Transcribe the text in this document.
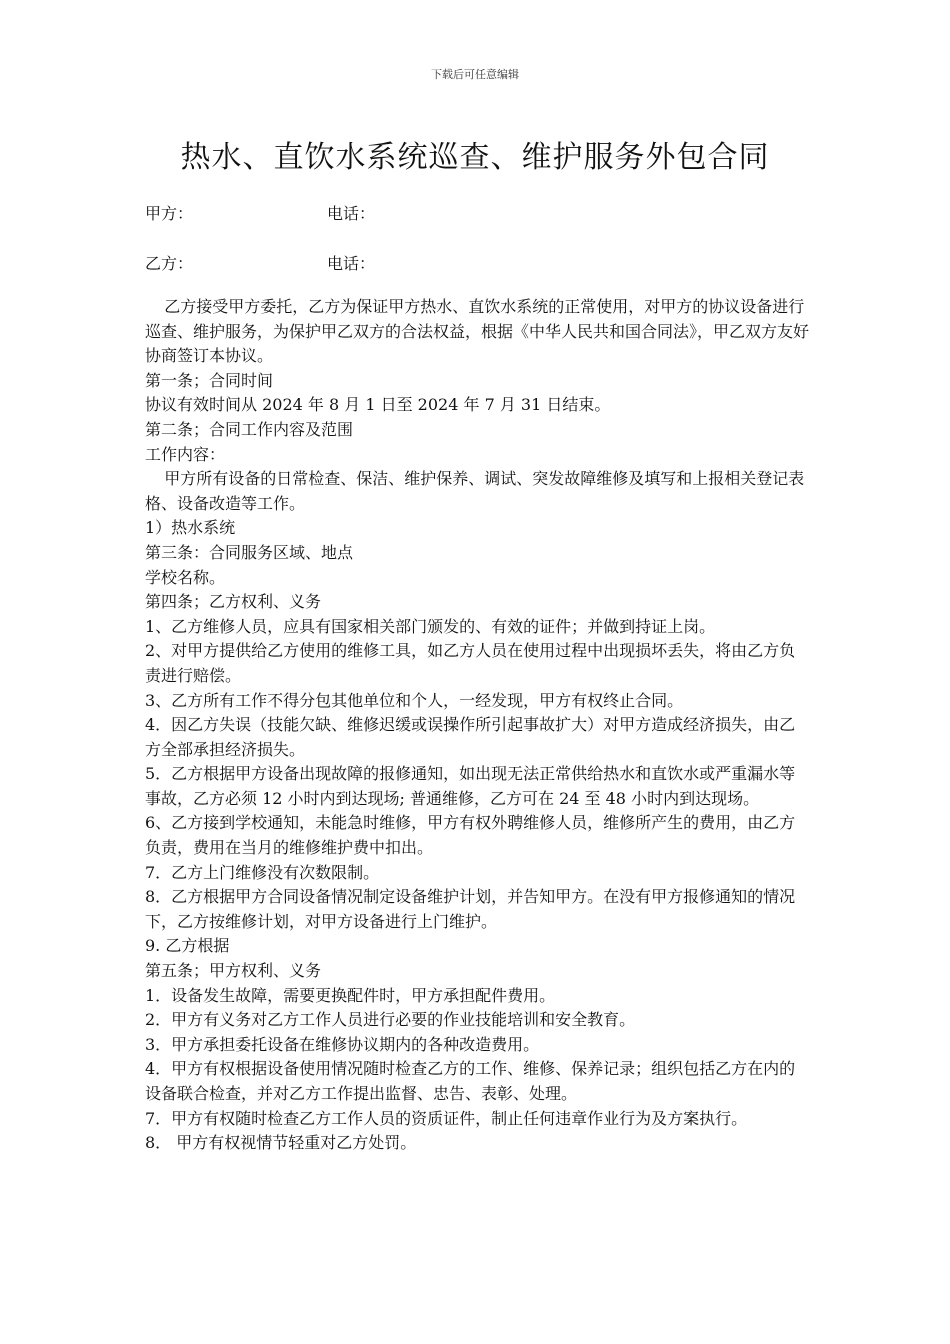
下载后可任意编辑
热水、直饮水系统巡查、维护服务外包合同
甲方：	电话：
乙方：	电话：

乙方接受甲方委托，乙方为保证甲方热水、直饮水系统的正常使用，对甲方的协议设备进行巡查、维护服务，为保护甲乙双方的合法权益，根据《中华人民共和国合同法》，甲乙双方友好协商签订本协议。

第一条；合同时间

协议有效时间从 2024 年 8 月 1 日至 2024 年 7 月 31 日结束。

第二条；合同工作内容及范围

工作内容：

甲方所有设备的日常检查、保洁、维护保养、调试、突发故障维修及填写和上报相关登记表格、设备改造等工作。

1）热水系统

第三条：合同服务区域、地点

学校名称。

第四条；乙方权利、义务

1、乙方维修人员，应具有国家相关部门颁发的、有效的证件；并做到持证上岗。

2、对甲方提供给乙方使用的维修工具，如乙方人员在使用过程中出现损坏丢失，将由乙方负责进行赔偿。

3、乙方所有工作不得分包其他单位和个人，一经发现，甲方有权终止合同。

4．因乙方失误（技能欠缺、维修迟缓或误操作所引起事故扩大）对甲方造成经济损失，由乙方全部承担经济损失。

5．乙方根据甲方设备出现故障的报修通知，如出现无法正常供给热水和直饮水或严重漏水等事故，乙方必须 12 小时内到达现场; 普通维修，乙方可在 24 至 48 小时内到达现场。

6、乙方接到学校通知，未能急时维修，甲方有权外聘维修人员，维修所产生的费用，由乙方负责，费用在当月的维修维护费中扣出。

7．乙方上门维修没有次数限制。

8．乙方根据甲方合同设备情况制定设备维护计划，并告知甲方。在没有甲方报修通知的情况下，乙方按维修计划，对甲方设备进行上门维护。

9. 乙方根据

第五条；甲方权利、义务

1．设备发生故障，需要更换配件时，甲方承担配件费用。

2．甲方有义务对乙方工作人员进行必要的作业技能培训和安全教育。

3．甲方承担委托设备在维修协议期内的各种改造费用。

4．甲方有权根据设备使用情况随时检查乙方的工作、维修、保养记录；组织包括乙方在内的设备联合检查，并对乙方工作提出监督、忠告、表彰、处理。

7．甲方有权随时检查乙方工作人员的资质证件，制止任何违章作业行为及方案执行。

8． 甲方有权视情节轻重对乙方处罚。
